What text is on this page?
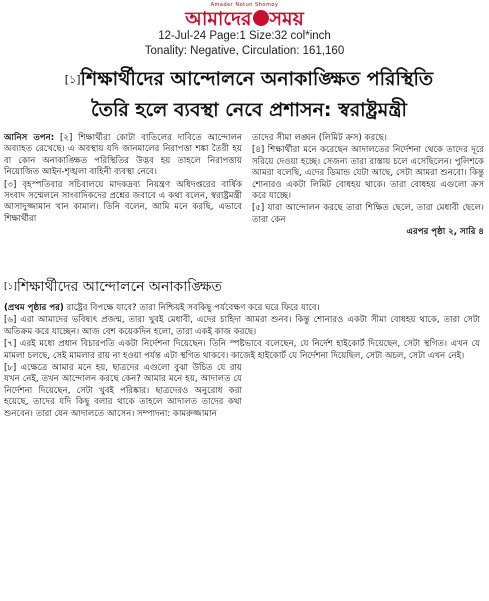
Amader Notun Shomoy
আমাদের সময়
12-Jul-24 Page:1 Size:32 col*inch
Tonality: Negative, Circulation: 161,160
[১]শিক্ষার্থীদের আন্দোলনে অনাকাঙ্ক্ষিত পরিস্থিতি
তৈরি হলে ব্যবস্থা নেবে প্রশাসন: স্বরাষ্ট্রমন্ত্রী

আনিস তপন: [২] শিক্ষার্থীরা কোটা বাতিলের দাবিতে আন্দোলন অব্যাহত রেখেছে। এ অবস্থায় যদি জানমালের নিরাপত্তা শঙ্কা তৈরী হয় বা কোন অনাকাঙ্ক্ষিত পরিস্থিতির উদ্ভব হয় তাহলে নিরাপত্তায় নিয়োজিত আইন-শৃঙ্খলা বাহিনী ব্যবস্থা নেবে।

[৩] বৃহস্পতিবার সচিবালয়ে মাদকদ্রব্য নিয়ন্ত্রণ অধিদপ্তরের বার্ষিক সংবাদ সম্মেলনে সাংবাদিকদের প্রশ্নের জবাবে এ কথা বলেন, স্বরাষ্ট্রমন্ত্রী আসাদুজ্জামান খান কামাল। তিনি বলেন, আমি মনে করছি, এভাবে শিক্ষার্থীরা

তাদের সীমা লঙ্ঘন (লিমিট ক্রস) করছে।

[৪] শিক্ষার্থীরা মনে করেছেন আদালতের নির্দেশনা থেকে তাদের দূরে সরিয়ে দেওয়া হচ্ছে। সেজন্য তারা রাস্তায় চলে এসেছিলেন। পুলিশকে আমরা বলেছি, এদের ডিমান্ড যেটা আছে, সেটা আমরা শুনবো। কিন্তু শোনারও একটা লিমিট বোধহয় থাকে। তারা বোধহয় এগুলো ক্রস করে যাচ্ছে।

[৫] যারা আন্দোলন করছে তারা শিক্ষিত ছেলে, তারা মেধাবী ছেলে। তারা কেন

এরপর পৃষ্ঠা ২, সারি ৪
[১]শিক্ষার্থীদের আন্দোলনে অনাকাঙ্ক্ষিত

(প্রথম পৃষ্ঠার পর) রাষ্ট্রের বিপক্ষে যাবে? তারা নিশ্চিয়ই সবকিছু পর্যবেক্ষণ করে ঘরে ফিরে যাবে।

[৬] এরা আমাদের ভবিষ্যৎ প্রজন্ম, তারা খুবই মেধাবী, এদের চাহিদা আমরা শুনব। কিন্তু শোনারও একটা সীমা বোধহয় থাকে, তারা সেটা অতিক্রম করে যাচ্ছেন। আজ বেশ কয়েকদিন হলো, তারা একই কাজ করছে।

[৭] এরই মধ্যে প্রধান বিচারপতি একটা নির্দেশনা দিয়েছেন। তিনি স্পষ্টভাবে বলেছেন, যে নির্দেশ হাইকোর্ট দিয়েছেন, সেটা স্থগিত। এখন যে মামলা চলছে, সেই মামলার রায় না হওয়া পর্যন্ত এটা স্থগিত থাকবে। কাজেই হাইকোর্ট যে নির্দেশনা দিয়েছিল, সেটা অচল, সেটা এখন নেই।

[৮] এক্ষেত্রে আমার মনে হয়, ছাত্রদের এগুলো বুঝা উচিত যে রায় যখন নেই, তখন আন্দোলন করছে কেন? আমার মনে হয়, আদালত যে নির্দেশনা দিয়েছেন, সেটা খুবই পরিষ্কার। ছাত্রদেরও অনুরোধ করা হয়েছে, তাদের যদি কিছু বলার থাকে তাহলে আদালত তাদের কথা শুনবেন। তারা যেন আদালতে আসেন। সম্পাদনা: কামরুজ্জামান
